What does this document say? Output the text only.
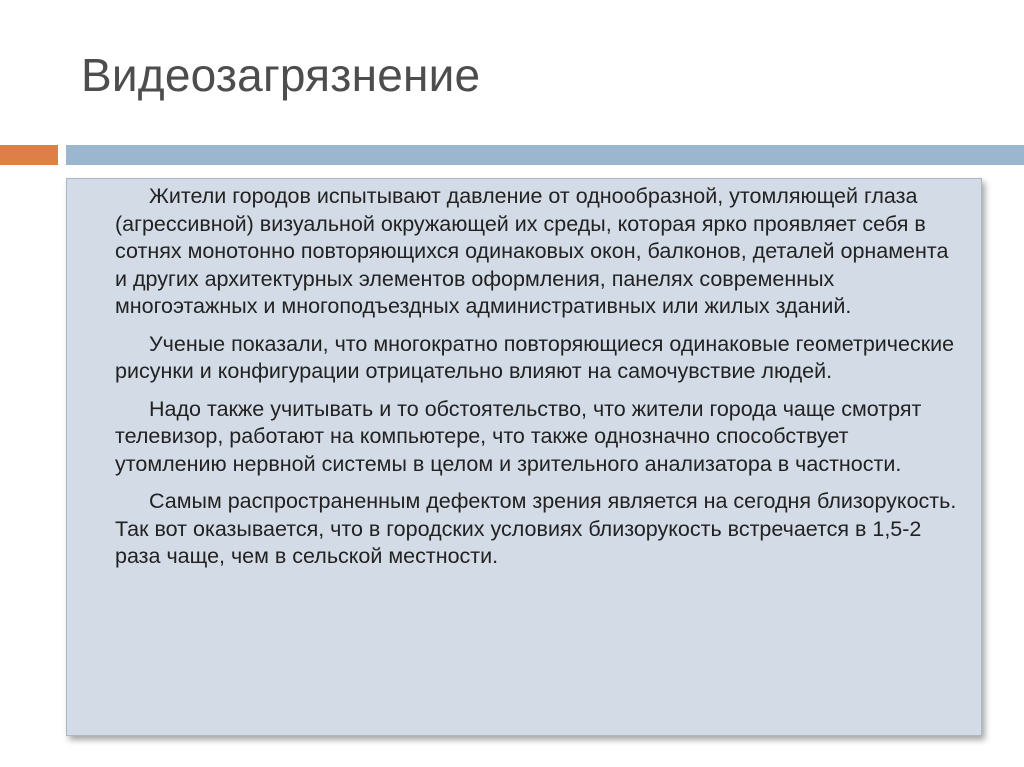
Видеозагрязнение

Жители городов испытывают давление от однообразной, утомляющей глаза (агрессивной) визуальной окружающей их среды, которая ярко проявляет себя в сотнях монотонно повторяющихся одинаковых окон, балконов, деталей орнамента и других архитектурных элементов оформления, панелях современных многоэтажных и многоподъездных административных или жилых зданий.

Ученые показали, что многократно повторяющиеся одинаковые геометрические рисунки и конфигурации отрицательно влияют на самочувствие людей.

Надо также учитывать и то обстоятельство, что жители города чаще смотрят телевизор, работают на компьютере, что также однозначно способствует утомлению нервной системы в целом и зрительного анализатора в частности.

Самым распространенным дефектом зрения является на сегодня близорукость. Так вот оказывается, что в городских условиях близорукость встречается в 1,5-2 раза чаще, чем в сельской местности.
